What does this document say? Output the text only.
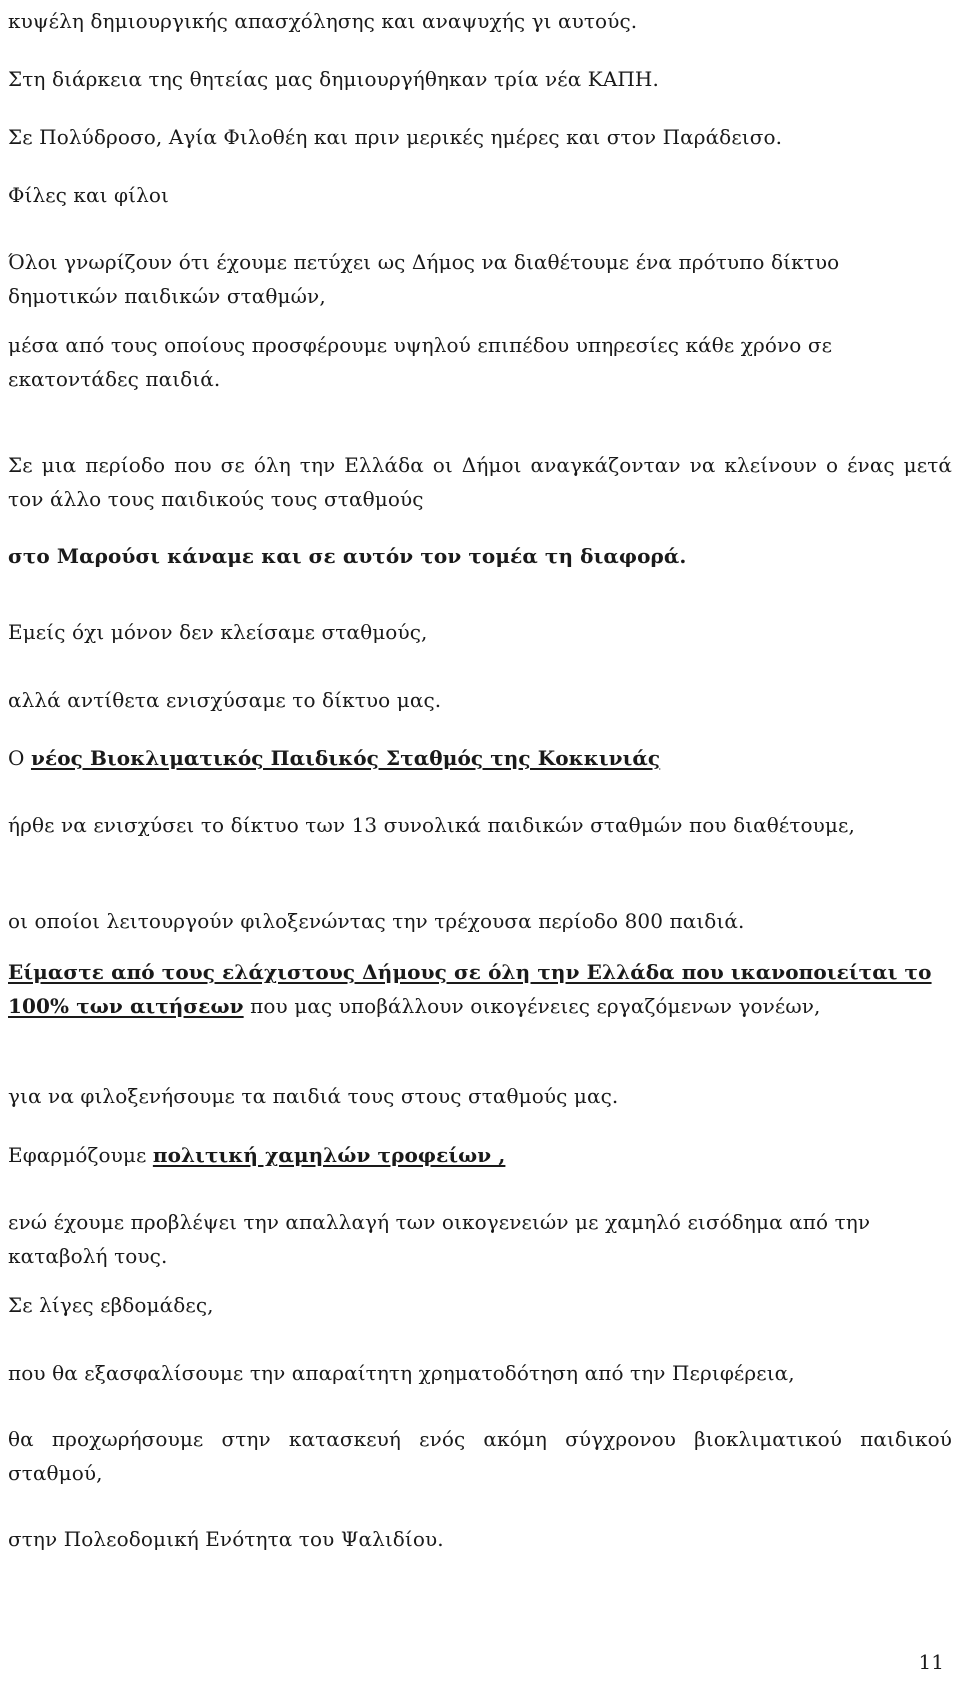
κυψέλη δημιουργικής απασχόλησης και αναψυχής γι αυτούς.

Στη διάρκεια της θητείας μας δημιουργήθηκαν τρία νέα ΚΑΠΗ.

Σε Πολύδροσο, Αγία Φιλοθέη και πριν μερικές ημέρες και στον Παράδεισο.

Φίλες και φίλοι

Όλοι γνωρίζουν ότι έχουμε πετύχει ως Δήμος να διαθέτουμε ένα πρότυπο δίκτυο δημοτικών παιδικών σταθμών,

μέσα από τους οποίους προσφέρουμε υψηλού επιπέδου υπηρεσίες κάθε χρόνο σε εκατοντάδες παιδιά.

Σε μια περίοδο που σε όλη την Ελλάδα οι Δήμοι αναγκάζονταν να κλείνουν ο ένας μετά τον άλλο τους παιδικούς τους σταθμούς

στο Μαρούσι κάναμε και σε αυτόν τον τομέα τη διαφορά.

Εμείς όχι μόνον δεν κλείσαμε σταθμούς,

αλλά αντίθετα ενισχύσαμε το δίκτυο μας.

Ο νέος Βιοκλιματικός Παιδικός Σταθμός της Κοκκινιάς

ήρθε να ενισχύσει το δίκτυο των 13 συνολικά παιδικών σταθμών που διαθέτουμε,

οι οποίοι λειτουργούν φιλοξενώντας την τρέχουσα περίοδο 800 παιδιά.

Είμαστε από τους ελάχιστους Δήμους σε όλη την Ελλάδα που ικανοποιείται το 100% των αιτήσεων που μας υποβάλλουν οικογένειες εργαζόμενων γονέων,

για να φιλοξενήσουμε τα παιδιά τους στους σταθμούς μας.

Εφαρμόζουμε πολιτική χαμηλών τροφείων ,

ενώ έχουμε προβλέψει την απαλλαγή των οικογενειών με χαμηλό εισόδημα από την καταβολή τους.

Σε λίγες εβδομάδες,

που θα εξασφαλίσουμε την απαραίτητη χρηματοδότηση από την Περιφέρεια,

θα προχωρήσουμε στην κατασκευή ενός ακόμη σύγχρονου βιοκλιματικού παιδικού σταθμού,

στην Πολεοδομική Ενότητα του Ψαλιδίου.

11
